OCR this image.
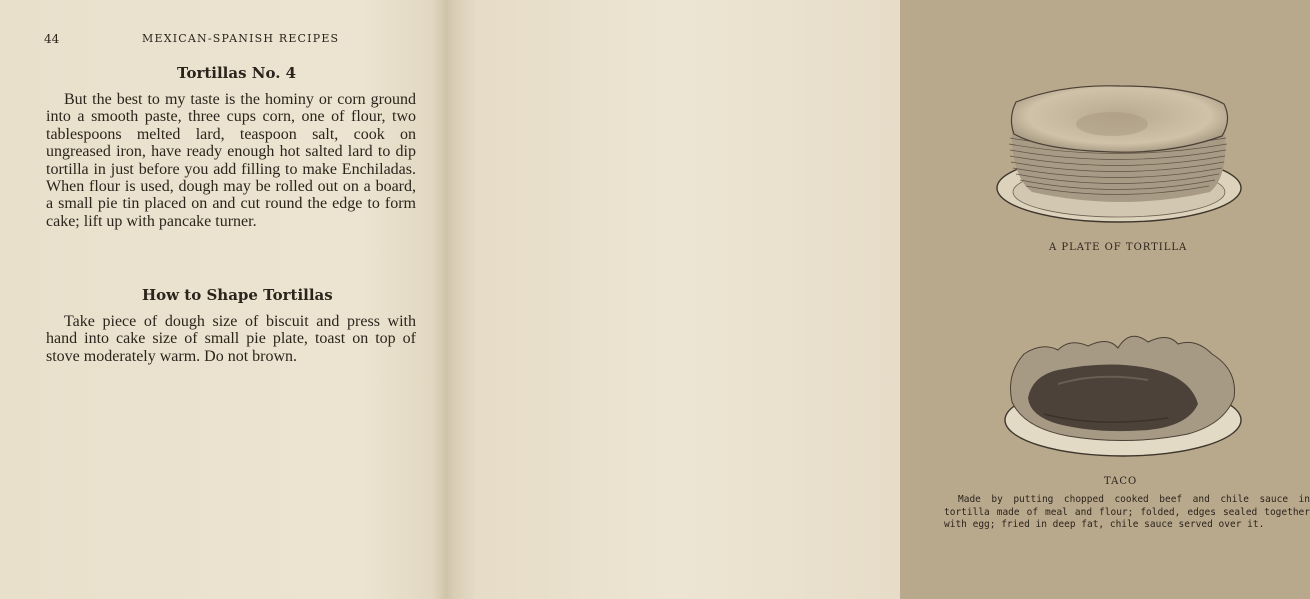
44	MEXICAN-SPANISH RECIPES
Tortillas No. 4

But the best to my taste is the hominy or corn ground into a smooth paste, three cups corn, one of flour, two tablespoons melted lard, teaspoon salt, cook on ungreased iron, have ready enough hot salted lard to dip tortilla in just before you add filling to make Enchiladas. When flour is used, dough may be rolled out on a board, a small pie tin placed on and cut round the edge to form cake; lift up with pancake turner.

How to Shape Tortillas

Take piece of dough size of biscuit and press with hand into cake size of small pie plate, toast on top of stove moderately warm. Do not brown.

A PLATE OF TORTILLA
TACO

Made by putting chopped cooked beef and chile sauce in tortilla made of meal and flour; folded, edges sealed together with egg; fried in deep fat, chile sauce served over it.
